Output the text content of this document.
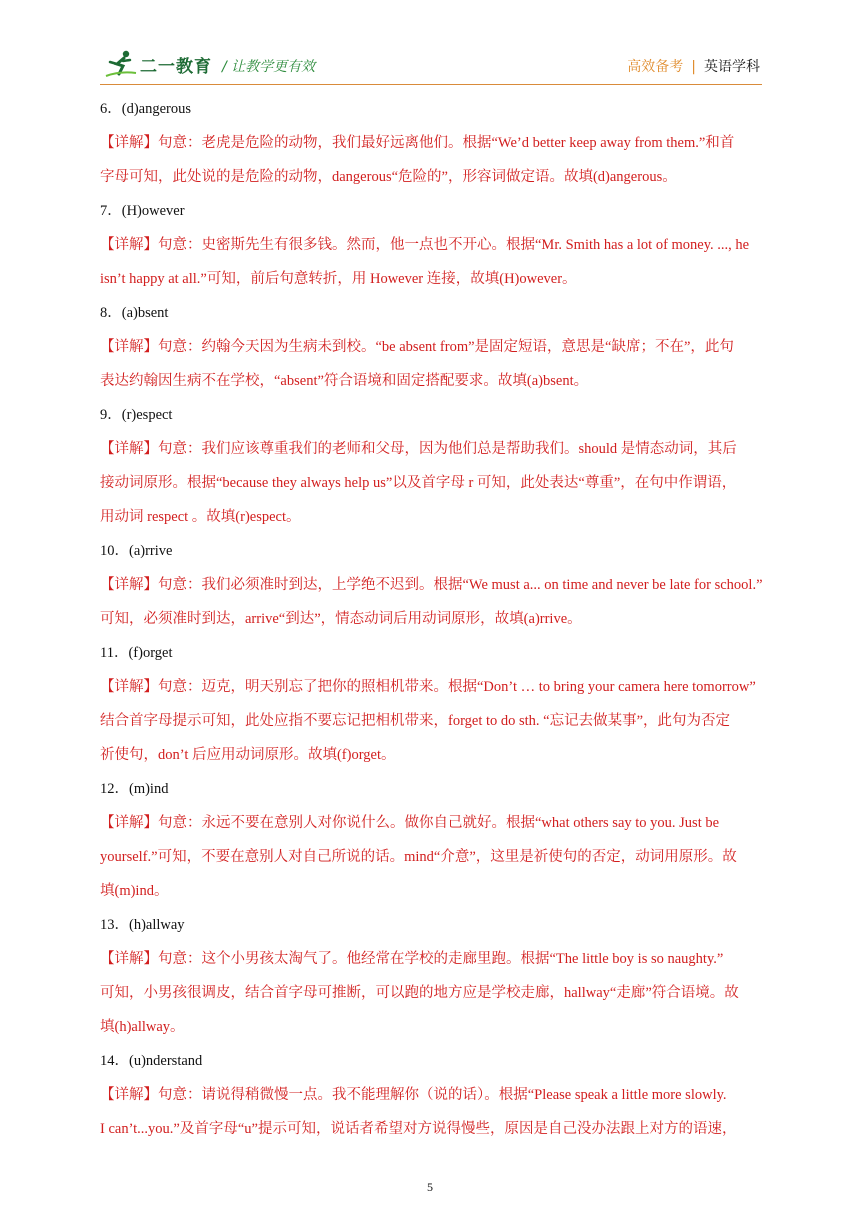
二一教育 / 让教学更有效	高效备考 | 英语学科
6．(d)angerous
【详解】句意：老虎是危险的动物，我们最好远离他们。根据“We’d better keep away from them.”和首
字母可知，此处说的是危险的动物，dangerous“危险的”，形容词做定语。故填(d)angerous。
7．(H)owever
【详解】句意：史密斯先生有很多钱。然而，他一点也不开心。根据“Mr. Smith has a lot of money. ..., he
isn’t happy at all.”可知，前后句意转折，用 However 连接，故填(H)owever。
8．(a)bsent
【详解】句意：约翰今天因为生病未到校。“be absent from”是固定短语，意思是“缺席；不在”，此句
表达约翰因生病不在学校，“absent”符合语境和固定搭配要求。故填(a)bsent。
9．(r)espect
【详解】句意：我们应该尊重我们的老师和父母，因为他们总是帮助我们。should 是情态动词，其后
接动词原形。根据“because they always help us”以及首字母 r 可知，此处表达“尊重”，在句中作谓语，
用动词 respect 。故填(r)espect。
10．(a)rrive
【详解】句意：我们必须准时到达，上学绝不迟到。根据“We must a... on time and never be late for school.”
可知，必须准时到达，arrive“到达”，情态动词后用动词原形，故填(a)rrive。
11．(f)orget
【详解】句意：迈克，明天别忘了把你的照相机带来。根据“Don’t … to bring your camera here tomorrow”
结合首字母提示可知，此处应指不要忘记把相机带来，forget to do sth. “忘记去做某事”，此句为否定
祈使句，don’t 后应用动词原形。故填(f)orget。
12．(m)ind
【详解】句意：永远不要在意别人对你说什么。做你自己就好。根据“what others say to you. Just be
yourself.”可知，不要在意别人对自己所说的话。mind“介意”，这里是祈使句的否定，动词用原形。故
填(m)ind。
13．(h)allway
【详解】句意：这个小男孩太淘气了。他经常在学校的走廊里跑。根据“The little boy is so naughty.”
可知，小男孩很调皮，结合首字母可推断，可以跑的地方应是学校走廊，hallway“走廊”符合语境。故
填(h)allway。
14．(u)nderstand
【详解】句意：请说得稍微慢一点。我不能理解你（说的话）。根据“Please speak a little more slowly.
I can’t...you.”及首字母“u”提示可知，说话者希望对方说得慢些，原因是自己没办法跟上对方的语速，
5
